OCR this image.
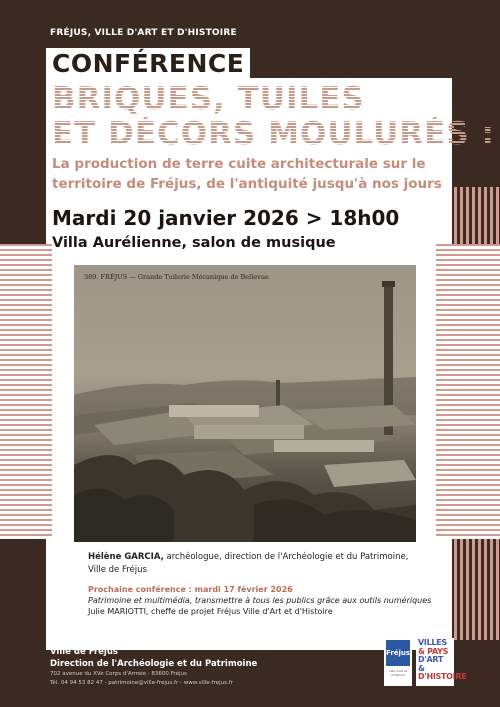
FRÉJUS, VILLE D'ART ET D'HISTOIRE
CONFÉRENCE
BRIQUES, TUILES
ET DÉCORS MOULURÉS :
La production de terre cuite architecturale sur le territoire de Fréjus, de l'antiquité jusqu'à nos jours
Mardi 20 janvier 2026 > 18h00
Villa Aurélienne, salon de musique
389. FRÉJUS — Grande Tuilerie Mécanique de Bellevue
Hélène GARCIA, archéologue, direction de l'Archéologie et du Patrimoine, Ville de Fréjus
Prochaine conférence : mardi 17 février 2026
Patrimoine et multimédia, transmettre à tous les publics grâce aux outils numériques
Julie MARIOTTI, cheffe de projet Fréjus Ville d'Art et d'Histoire
Ville de Fréjus
Direction de l'Archéologie et du Patrimoine
702 avenue du XVe Corps d'Armée - 83600 Fréjus
Tél. 04 94 53 82 47 - patrimoine@ville-frejus.fr - www.ville-frejus.fr
Fréjus
ville d'art et d'histoire
VILLES
& PAYS
D'ART &
D'HISTOIRE
